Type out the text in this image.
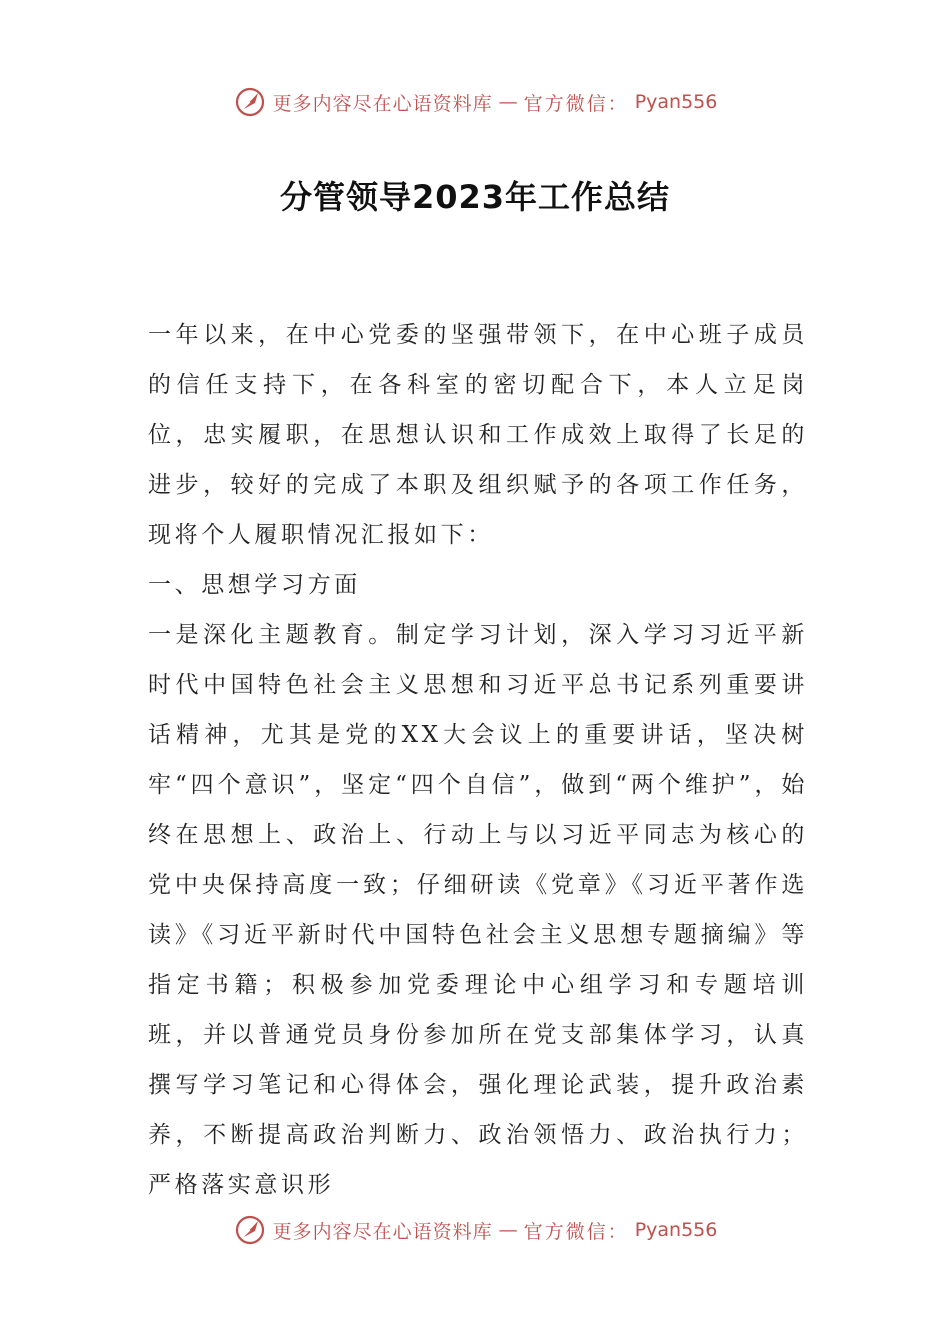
更多内容尽在心语资料库 — 官方微信： Pyan556
分管领导2023年工作总结

一年以来，在中心党委的坚强带领下，在中心班子成员的信任支持下，在各科室的密切配合下，本人立足岗位，忠实履职，在思想认识和工作成效上取得了长足的进步，较好的完成了本职及组织赋予的各项工作任务，现将个人履职情况汇报如下：

一、思想学习方面

一是深化主题教育。制定学习计划，深入学习习近平新时代中国特色社会主义思想和习近平总书记系列重要讲话精神，尤其是党的XX大会议上的重要讲话，坚决树牢“四个意识”，坚定“四个自信”，做到“两个维护”，始终在思想上、政治上、行动上与以习近平同志为核心的党中央保持高度一致；仔细研读《党章》《习近平著作选读》《习近平新时代中国特色社会主义思想专题摘编》等指定书籍；积极参加党委理论中心组学习和专题培训班，并以普通党员身份参加所在党支部集体学习，认真撰写学习笔记和心得体会，强化理论武装，提升政治素养，不断提高政治判断力、政治领悟力、政治执行力；严格落实意识形

更多内容尽在心语资料库 — 官方微信： Pyan556
